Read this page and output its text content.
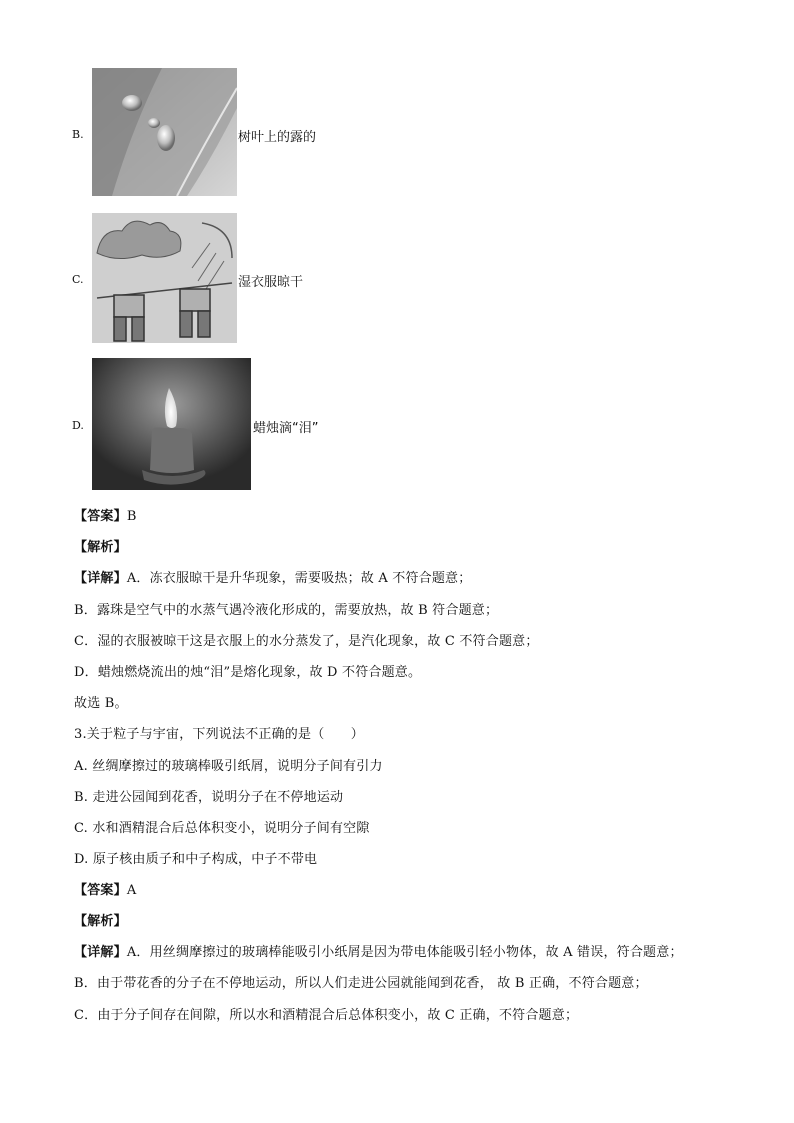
B.	树叶上的露的
C.	湿衣服晾干
D.	蜡烛滴“泪”
【答案】B
【解析】
【详解】A．冻衣服晾干是升华现象，需要吸热；故 A 不符合题意；
B．露珠是空气中的水蒸气遇冷液化形成的，需要放热，故 B 符合题意；
C．湿的衣服被晾干这是衣服上的水分蒸发了，是汽化现象，故 C 不符合题意；
D．蜡烛燃烧流出的烛“泪”是熔化现象，故 D 不符合题意。
故选 B。
3.关于粒子与宇宙，下列说法不正确的是（　　）
A. 丝绸摩擦过的玻璃棒吸引纸屑，说明分子间有引力
B. 走进公园闻到花香，说明分子在不停地运动
C. 水和酒精混合后总体积变小，说明分子间有空隙
D. 原子核由质子和中子构成，中子不带电
【答案】A
【解析】
【详解】A．用丝绸摩擦过的玻璃棒能吸引小纸屑是因为带电体能吸引轻小物体，故 A 错误，符合题意；
B．由于带花香的分子在不停地运动，所以人们走进公园就能闻到花香， 故 B 正确，不符合题意；
C．由于分子间存在间隙，所以水和酒精混合后总体积变小，故 C 正确，不符合题意；
